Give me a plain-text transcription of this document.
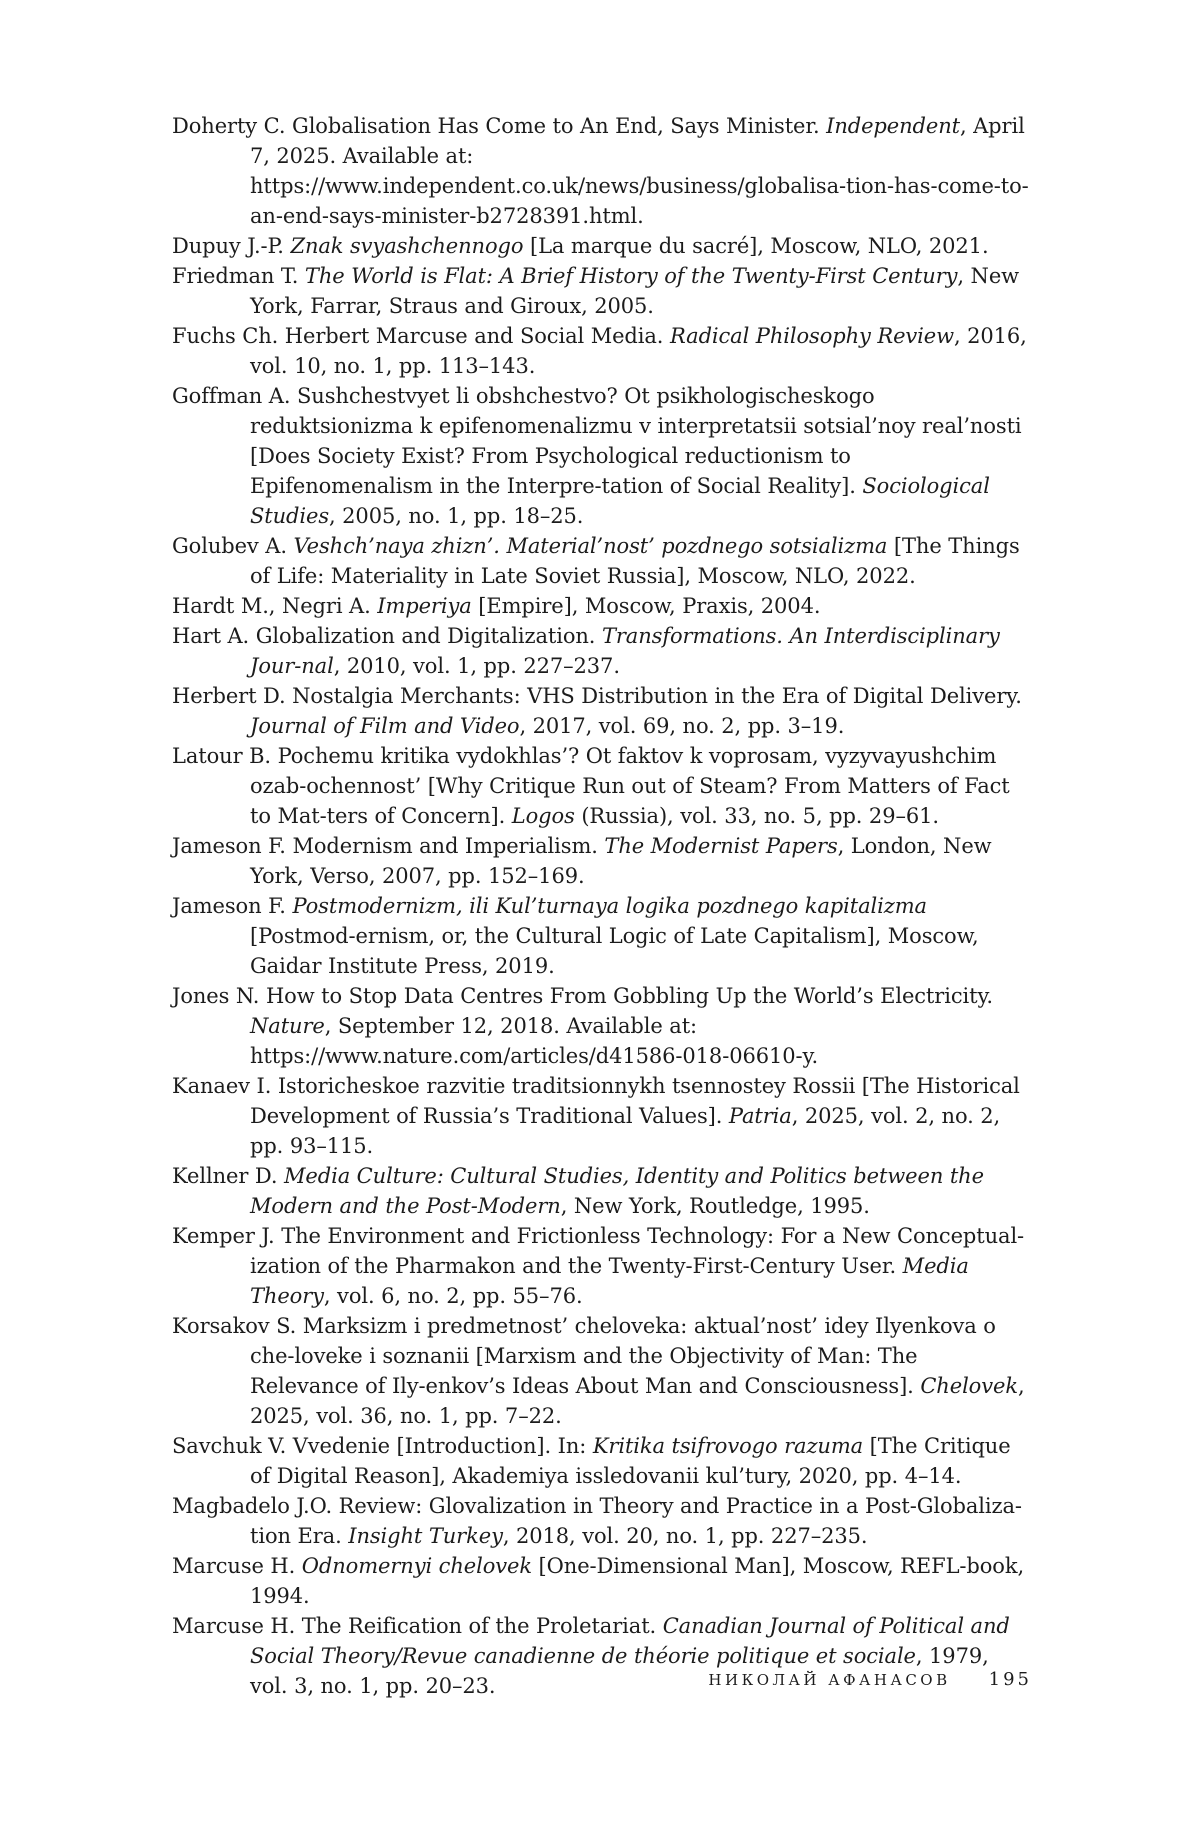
Doherty C. Globalisation Has Come to An End, Says Minister. Independent, April 7, 2025. Available at: https://www.independent.co.uk/news/business/globalisa-tion-has-come-to-an-end-says-minister-b2728391.html.

Dupuy J.-P. Znak svyashchennogo [La marque du sacré], Moscow, NLO, 2021.

Friedman T. The World is Flat: A Brief History of the Twenty-First Century, New York, Farrar, Straus and Giroux, 2005.

Fuchs Ch. Herbert Marcuse and Social Media. Radical Philosophy Review, 2016, vol. 10, no. 1, pp. 113–143.

Goffman A. Sushchestvyet li obshchestvo? Ot psikhologischeskogo reduktsionizma k epifenomenalizmu v interpretatsii sotsial’noy real’nosti [Does Society Exist? From Psychological reductionism to Epifenomenalism in the Interpre-tation of Social Reality]. Sociological Studies, 2005, no. 1, pp. 18–25.

Golubev A. Veshch’naya zhizn’. Material’nost’ pozdnego sotsializma [The Things of Life: Materiality in Late Soviet Russia], Moscow, NLO, 2022.

Hardt M., Negri A. Imperiya [Empire], Moscow, Praxis, 2004.

Hart A. Globalization and Digitalization. Transformations. An Interdisciplinary Jour-nal, 2010, vol. 1, pp. 227–237.

Herbert D. Nostalgia Merchants: VHS Distribution in the Era of Digital Delivery. Journal of Film and Video, 2017, vol. 69, no. 2, pp. 3–19.

Latour B. Pochemu kritika vydokhlas’? Ot faktov k voprosam, vyzyvayushchim ozab-ochennost’ [Why Critique Run out of Steam? From Matters of Fact to Mat-ters of Concern]. Logos (Russia), vol. 33, no. 5, pp. 29–61.

Jameson F. Modernism and Imperialism. The Modernist Papers, London, New York, Verso, 2007, pp. 152–169.

Jameson F. Postmodernizm, ili Kul’turnaya logika pozdnego kapitalizma [Postmod-ernism, or, the Cultural Logic of Late Capitalism], Moscow, Gaidar Institute Press, 2019.

Jones N. How to Stop Data Centres From Gobbling Up the World’s Electricity. Nature, September 12, 2018. Available at: https://www.nature.com/articles/d41586-018-06610-y.

Kanaev I. Istoricheskoe razvitie traditsionnykh tsennostey Rossii [The Historical Development of Russia’s Traditional Values]. Patria, 2025, vol. 2, no. 2, pp. 93–115.

Kellner D. Media Culture: Cultural Studies, Identity and Politics between the Modern and the Post-Modern, New York, Routledge, 1995.

Kemper J. The Environment and Frictionless Technology: For a New Conceptual-ization of the Pharmakon and the Twenty-First-Century User. Media Theory, vol. 6, no. 2, pp. 55–76.

Korsakov S. Marksizm i predmetnost’ cheloveka: aktual’nost’ idey Ilyenkova o che-loveke i soznanii [Marxism and the Objectivity of Man: The Relevance of Ily-enkov’s Ideas About Man and Consciousness]. Chelovek, 2025, vol. 36, no. 1, pp. 7–22.

Savchuk V. Vvedenie [Introduction]. In: Kritika tsifrovogo razuma [The Critique of Digital Reason], Akademiya issledovanii kul’tury, 2020, pp. 4–14.

Magbadelo J.O. Review: Glovalization in Theory and Practice in a Post-Globaliza-tion Era. Insight Turkey, 2018, vol. 20, no. 1, pp. 227–235.

Marcuse H. Odnomernyi chelovek [One-Dimensional Man], Moscow, REFL-book, 1994.

Marcuse H. The Reification of the Proletariat. Canadian Journal of Political and Social Theory/Revue canadienne de théorie politique et sociale, 1979, vol. 3, no. 1, pp. 20–23.	НИКОЛАЙ АФАНАСОВ 195
